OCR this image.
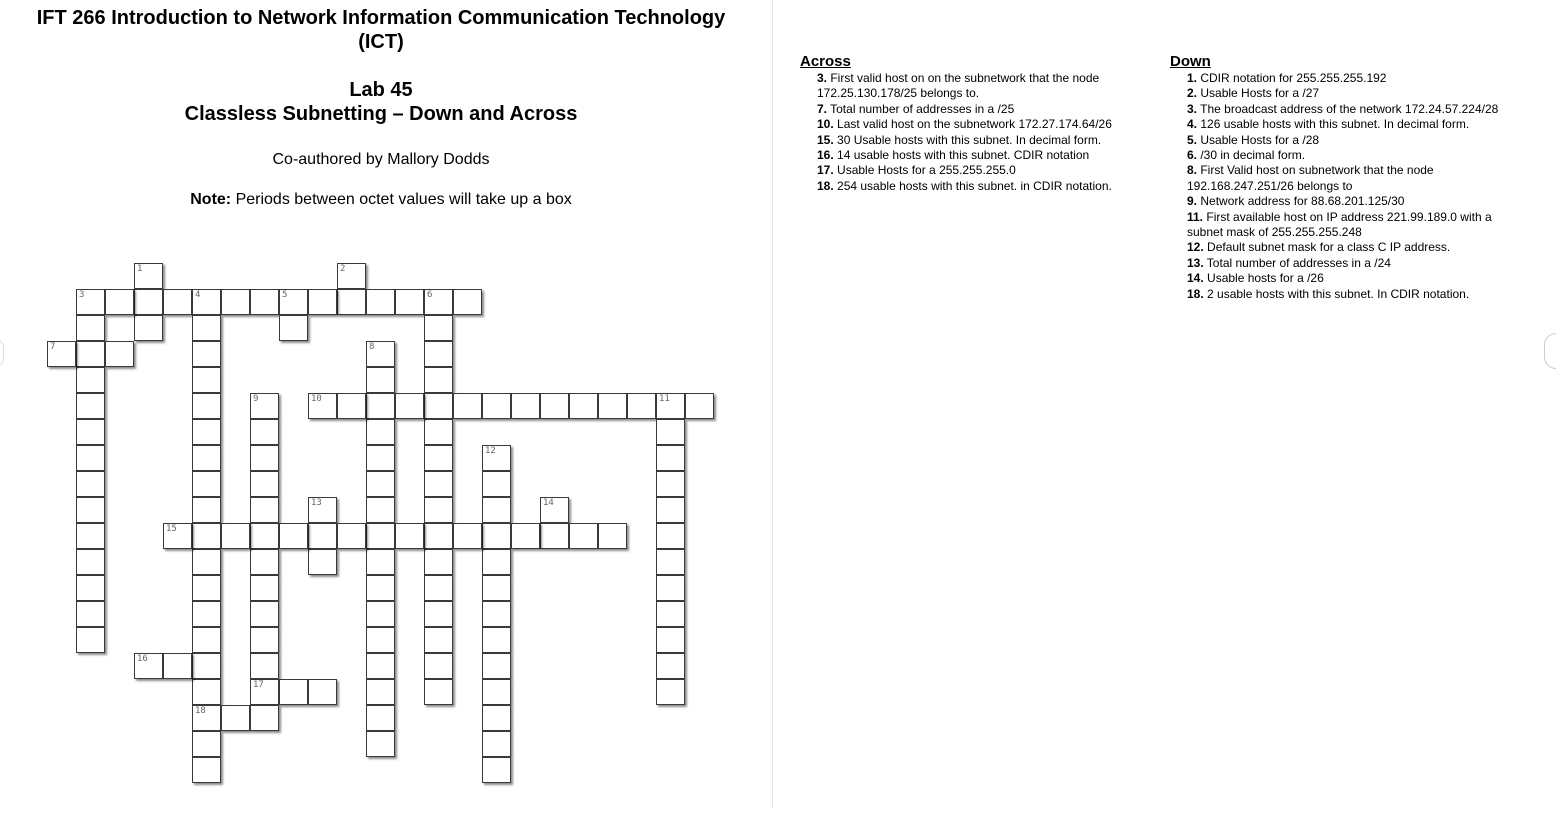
IFT 266 Introduction to Network Information Communication Technology
(ICT)
Lab 45
Classless Subnetting – Down and Across
Co-authored by Mallory Dodds
Note: Periods between octet values will take up a box
1	2
3	4	5	6
7	8
9
17
10	11
12
13	14
15
16
18
Across
3. First valid host on on the subnetwork that the node 172.25.130.178/25 belongs to.
7. Total number of addresses in a /25
10. Last valid host on the subnetwork 172.27.174.64/26
15. 30 Usable hosts with this subnet. In decimal form.
16. 14 usable hosts with this subnet. CDIR notation
17. Usable Hosts for a 255.255.255.0
18. 254 usable hosts with this subnet. in CDIR notation.
Down
1. CDIR notation for 255.255.255.192
2. Usable Hosts for a /27
3. The broadcast address of the network 172.24.57.224/28
4. 126 usable hosts with this subnet. In decimal form.
5. Usable Hosts for a /28
6. /30 in decimal form.
8. First Valid host on subnetwork that the node 192.168.247.251/26 belongs to
9. Network address for 88.68.201.125/30
11. First available host on IP address 221.99.189.0 with a subnet mask of 255.255.255.248
12. Default subnet mask for a class C IP address.
13. Total number of addresses in a /24
14. Usable hosts for a /26
18. 2 usable hosts with this subnet. In CDIR notation.
